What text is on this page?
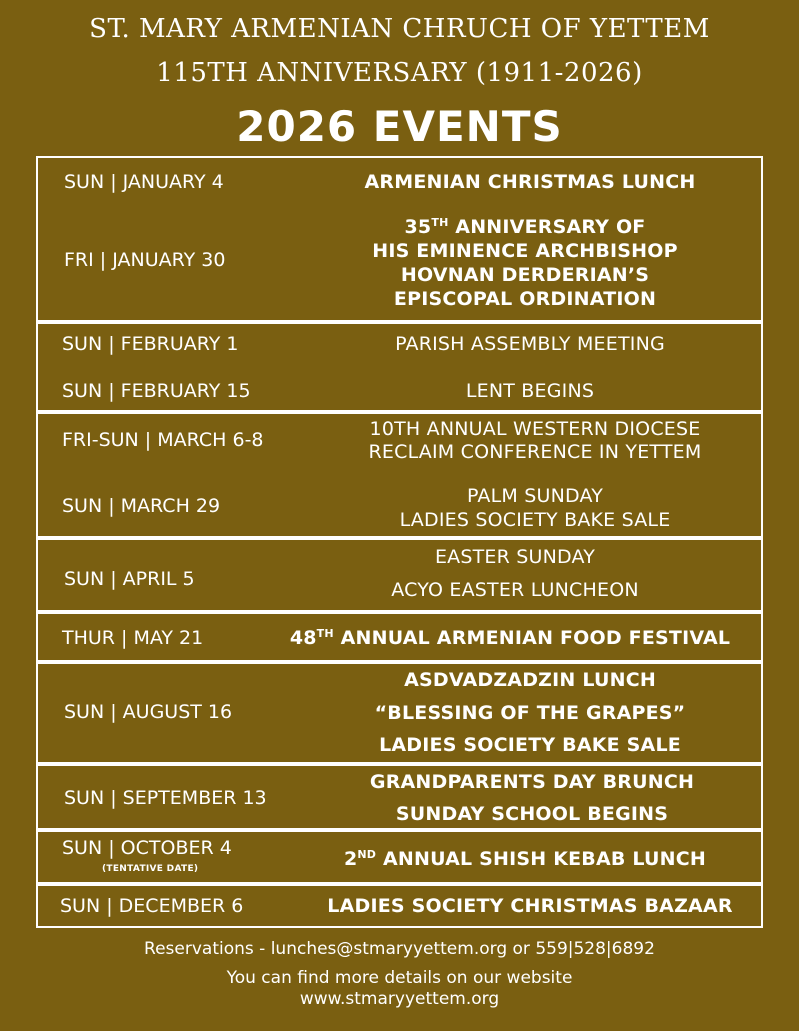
ST. MARY ARMENIAN CHRUCH OF YETTEM
115TH ANNIVERSARY (1911-2026)
2026 EVENTS
SUN | JANUARY 4	ARMENIAN CHRISTMAS LUNCH
FRI | JANUARY 30
35TH ANNIVERSARY OF
HIS EMINENCE ARCHBISHOP
HOVNAN DERDERIAN’S
EPISCOPAL ORDINATION
SUN | FEBRUARY 1	PARISH ASSEMBLY MEETING
SUN | FEBRUARY 15	LENT BEGINS
FRI-SUN | MARCH 6-8	10TH ANNUAL WESTERN DIOCESE
RECLAIM CONFERENCE IN YETTEM
SUN | MARCH 29	PALM SUNDAY
LADIES SOCIETY BAKE SALE
SUN | APRIL 5
EASTER SUNDAY
ACYO EASTER LUNCHEON
THUR | MAY 21	48TH ANNUAL ARMENIAN FOOD FESTIVAL
SUN | AUGUST 16
ASDVADZADZIN LUNCH
“BLESSING OF THE GRAPES”
LADIES SOCIETY BAKE SALE
SUN | SEPTEMBER 13
GRANDPARENTS DAY BRUNCH
SUNDAY SCHOOL BEGINS
SUN | OCTOBER 4
(TENTATIVE DATE)	2ND ANNUAL SHISH KEBAB LUNCH
SUN | DECEMBER 6	LADIES SOCIETY CHRISTMAS BAZAAR
Reservations - lunches@stmaryyettem.org or 559|528|6892
You can find more details on our website
www.stmaryyettem.org
